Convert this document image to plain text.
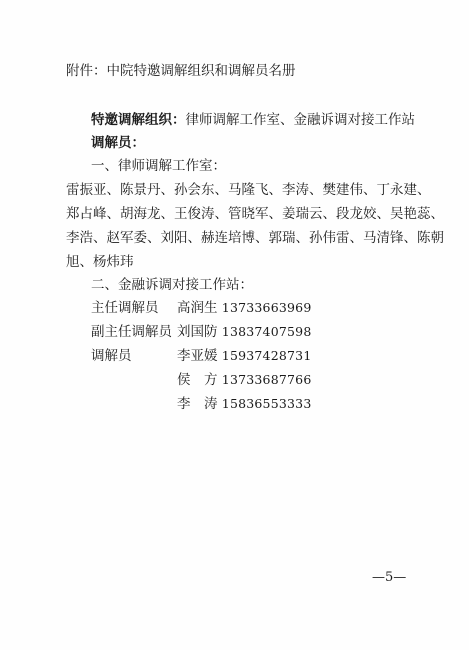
附件：中院特邀调解组织和调解员名册
特邀调解组织：律师调解工作室、金融诉调对接工作站
调解员：
一、律师调解工作室：
雷振亚、陈景丹、孙会东、马隆飞、李涛、樊建伟、丁永建、
郑占峰、胡海龙、王俊涛、管晓军、姜瑞云、段龙姣、吴艳蕊、
李浩、赵军委、刘阳、赫连培博、郭瑞、孙伟雷、马清锋、陈朝
旭、杨炜玮
二、金融诉调对接工作站：
主任调解员 高润生 13733663969
副主任调解员 刘国防 13837407598
调解员	李亚媛 15937428731
侯　方 13733687766
李　涛 15836553333
—5—
